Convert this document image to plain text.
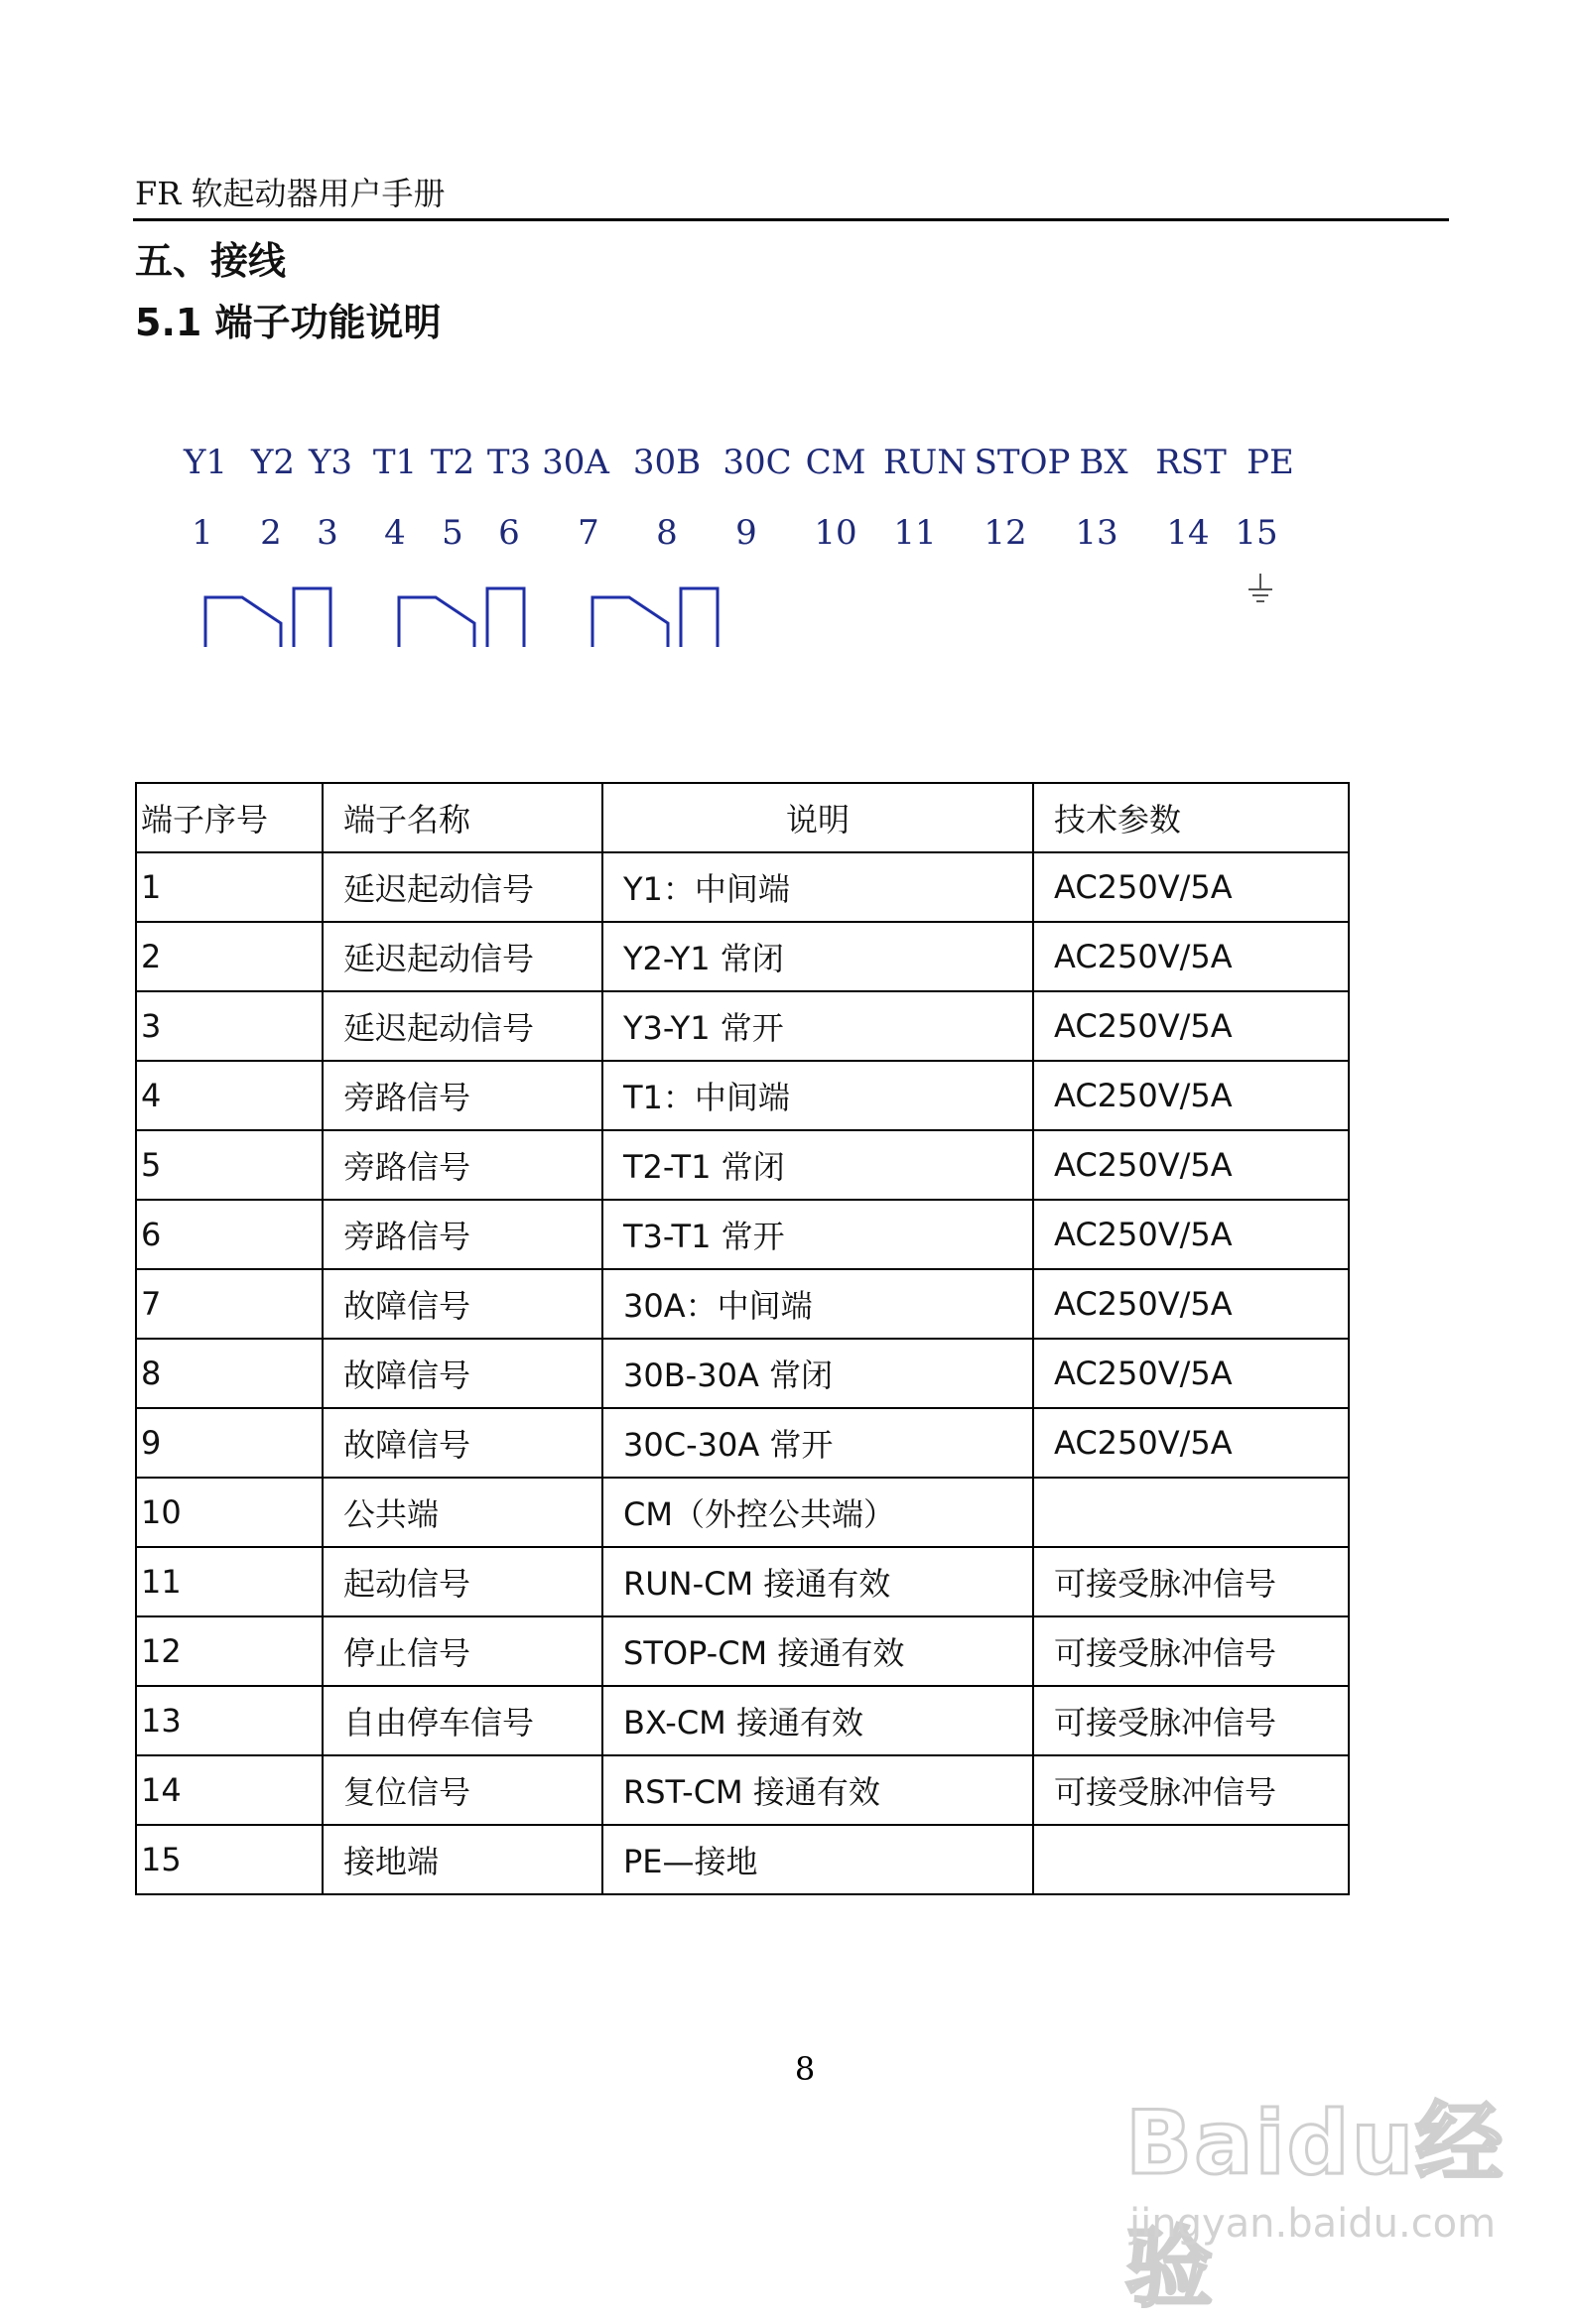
FR 软起动器用户手册
五、接线
5.1 端子功能说明
Y1 Y2 Y3 T1 T2 T3 30A 30B 30C CM RUN STOP BX RST PE
1 2 3 4 5 6 7 8 9 10 11 12 13 14 15
端子序号	端子名称	说明	技术参数
1	延迟起动信号	Y1：中间端	AC250V/5A
2	延迟起动信号	Y2-Y1 常闭	AC250V/5A
3	延迟起动信号	Y3-Y1 常开	AC250V/5A
4	旁路信号	T1：中间端	AC250V/5A
5	旁路信号	T2-T1 常闭	AC250V/5A
6	旁路信号	T3-T1 常开	AC250V/5A
7	故障信号	30A：中间端	AC250V/5A
8	故障信号	30B-30A 常闭	AC250V/5A
9	故障信号	30C-30A 常开	AC250V/5A
10	公共端	CM（外控公共端）	
11	起动信号	RUN-CM 接通有效	可接受脉冲信号
12	停止信号	STOP-CM 接通有效	可接受脉冲信号
13	自由停车信号	BX-CM 接通有效	可接受脉冲信号
14	复位信号	RST-CM 接通有效	可接受脉冲信号
15	接地端	PE—接地	
8
Baidu经验
jingyan.baidu.com
